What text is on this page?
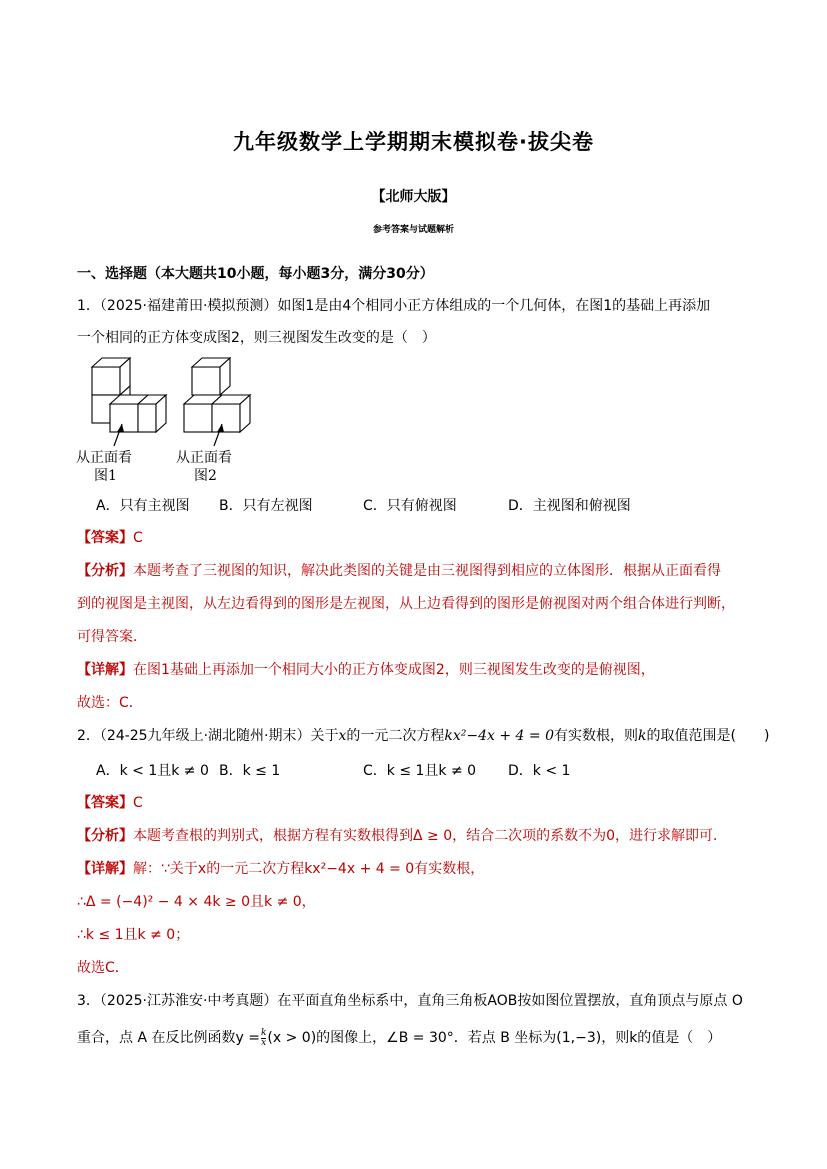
九年级数学上学期期末模拟卷·拔尖卷
【北师大版】
参考答案与试题解析
一、选择题（本大题共10小题，每小题3分，满分30分）
1．（2025·福建莆田·模拟预测）如图1是由4个相同小正方体组成的一个几何体，在图1的基础上再添加
一个相同的正方体变成图2，则三视图发生改变的是（　）
从正面看
图1
从正面看
图2
A．只有主视图 B．只有左视图	C．只有俯视图	D．主视图和俯视图
【答案】C
【分析】本题考查了三视图的知识，解决此类图的关键是由三视图得到相应的立体图形．根据从正面看得
到的视图是主视图，从左边看得到的图形是左视图，从上边看得到的图形是俯视图对两个组合体进行判断，
可得答案．
【详解】在图1基础上再添加一个相同大小的正方体变成图2，则三视图发生改变的是俯视图，
故选：C．
2．（24-25九年级上·湖北随州·期末）关于x的一元二次方程kx²−4x + 4 = 0有实数根，则k的取值范围是(　　)
A．k < 1且k ≠ 0 B．k ≤ 1	C．k ≤ 1且k ≠ 0 D．k < 1
【答案】C
【分析】本题考查根的判别式，根据方程有实数根得到Δ ≥ 0，结合二次项的系数不为0，进行求解即可．
【详解】解：∵关于x的一元二次方程kx²−4x + 4 = 0有实数根，
∴Δ = (−4)² − 4 × 4k ≥ 0且k ≠ 0，
∴k ≤ 1且k ≠ 0；
故选C．
3．（2025·江苏淮安·中考真题）在平面直角坐标系中，直角三角板AOB按如图位置摆放，直角顶点与原点 O
重合，点 A 在反比例函数$y = \frac{k}{x} (x > 0)$的图像上，∠B = 30°．若点 B 坐标为(1,−3)，则k的值是（　）
